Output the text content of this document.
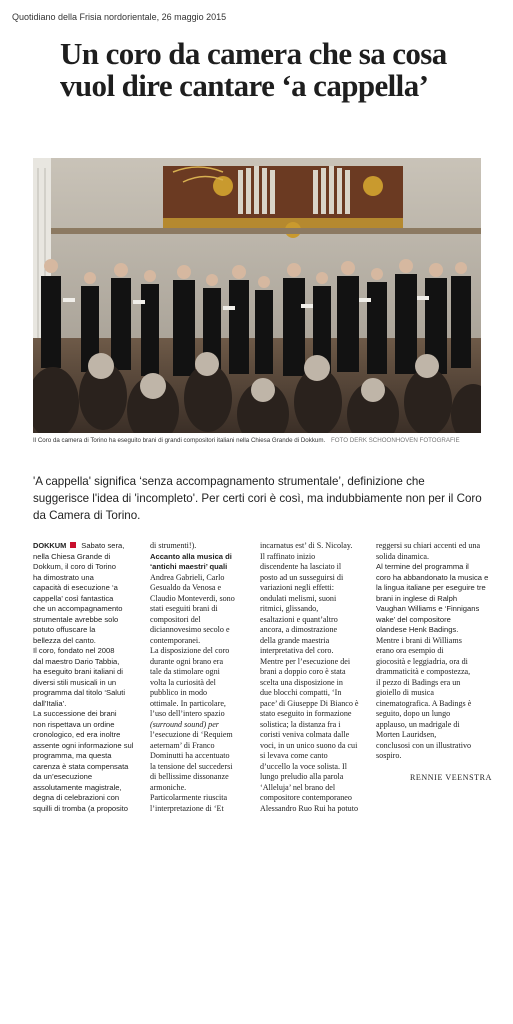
Quotidiano della Frisia nordorientale, 26 maggio 2015
Un coro da camera che sa cosa vuol dire cantare ‘a cappella’
Il Coro da camera di Torino ha eseguito brani di grandi compositori italiani nella Chiesa Grande di Dokkum. FOTO DERK SCHOONHOVEN FOTOGRAFIE

'A cappella' significa ‘senza accompagnamento strumentale’, definizione che suggerisce l'idea di 'incompleto'. Per certi cori è così, ma indubbiamente non per il Coro da Camera di Torino.

DOKKUM Sabato sera,

nella Chiesa Grande di

Dokkum, il coro di Torino

ha dimostrato una

capacità di esecuzione ‘a

cappella’ così fantastica

che un accompagnamento

strumentale avrebbe solo

potuto offuscare la

bellezza del canto.

Il coro, fondato nel 2008

dal maestro Dario Tabbia,

ha eseguito brani italiani di

diversi stili musicali in un

programma dal titolo ‘Saluti

dall’Italia’.

La successione dei brani

non rispettava un ordine

cronologico, ed era inoltre

assente ogni informazione sul

programma, ma questa

carenza è stata compensata

da un’esecuzione

assolutamente magistrale,

degna di celebrazioni con

squilli di tromba (a proposito

di strumenti!).

Accanto alla musica di

‘antichi maestri’ quali

Andrea Gabrieli, Carlo

Gesualdo da Venosa e

Claudio Monteverdi, sono

stati eseguiti brani di

compositori del

diciannovesimo secolo e

contemporanei.

La disposizione del coro

durante ogni brano era

tale da stimolare ogni

volta la curiosità del

pubblico in modo

ottimale. In particolare,

l’uso dell’intero spazio

(surround sound) per

l’esecuzione di ‘Requiem

aeternam’ di Franco

Dominutti ha accentuato

la tensione del succedersi

di bellissime dissonanze

armoniche.

Particolarmente riuscita

l’interpretazione di ‘Et

incarnatus est’ di S. Nicolay.

Il raffinato inizio

discendente ha lasciato il

posto ad un susseguirsi di

variazioni negli effetti:

ondulati melismi, suoni

ritmici, glissando,

esaltazioni e quant’altro

ancora, a dimostrazione

della grande maestria

interpretativa del coro.

Mentre per l’esecuzione dei

brani a doppio coro è stata

scelta una disposizione in

due blocchi compatti, ‘In

pace’ di Giuseppe Di Bianco è

stato eseguito in formazione

solistica; la distanza fra i

coristi veniva colmata dalle

voci, in un unico suono da cui

si levava come canto

d’uccello la voce solista. Il

lungo preludio alla parola

‘Alleluja’ nel brano del

compositore contemporaneo

Alessandro Ruo Rui ha potuto

reggersi su chiari accenti ed una

solida dinamica.

Al termine del programma il

coro ha abbandonato la musica e

la lingua italiane per eseguire tre

brani in inglese di Ralph

Vaughan Williams e ‘Finnigans

wake’ del compositore

olandese Henk Badings.

Mentre i brani di Williams

erano ora esempio di

giocosità e leggiadria, ora di

drammaticità e compostezza,

il pezzo di Badings era un

gioiello di musica

cinematografica. A Badings è

seguito, dopo un lungo

applauso, un madrigale di

Morten Lauridsen,

conclusosi con un illustrativo

sospiro.

RENNIE VEENSTRA
